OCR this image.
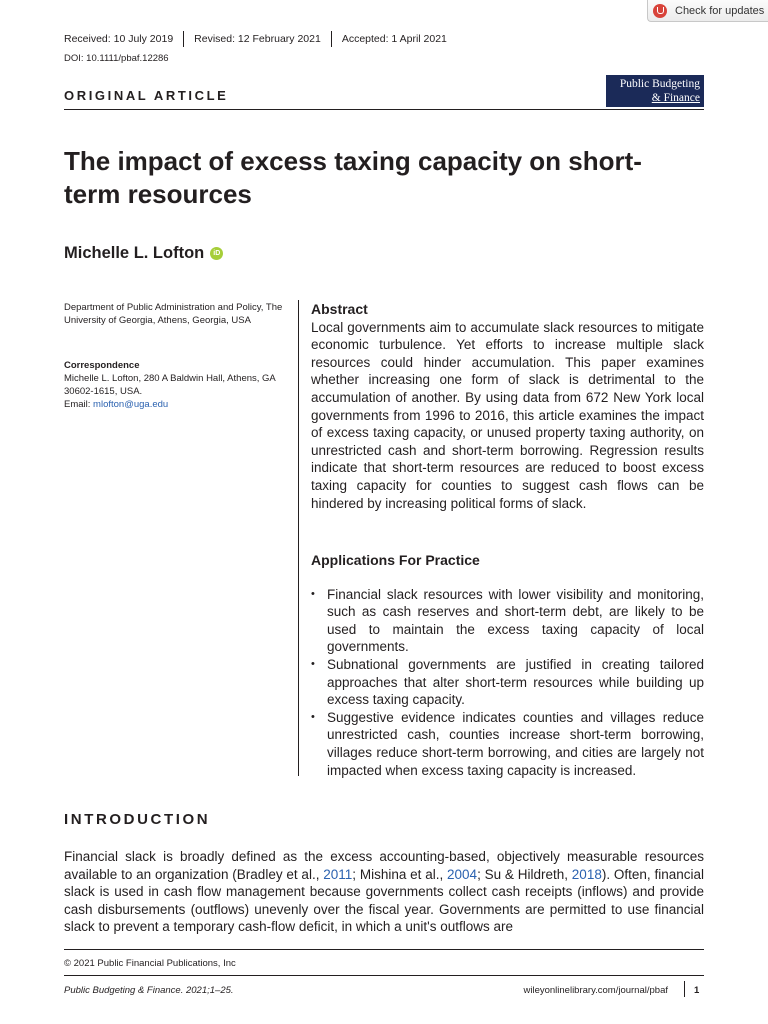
Check for updates
Received: 10 July 2019 Revised: 12 February 2021 Accepted: 1 April 2021
DOI: 10.1111/pbaf.12286
ORIGINAL ARTICLE
Public Budgeting
& Finance
The impact of excess taxing capacity on short-term resources
Michelle L. Lofton	iD
Department of Public Administration and Policy, The University of Georgia, Athens, Georgia, USA
Correspondence
Michelle L. Lofton, 280 A Baldwin Hall, Athens, GA 30602-1615, USA.
Email: mlofton@uga.edu
Abstract
Local governments aim to accumulate slack resources to mitigate economic turbulence. Yet efforts to increase multiple slack resources could hinder accumulation. This paper examines whether increasing one form of slack is detrimental to the accumulation of another. By using data from 672 New York local governments from 1996 to 2016, this article examines the impact of excess taxing capacity, or unused property taxing authority, on unrestricted cash and short-term borrowing. Regression results indicate that short-term resources are reduced to boost excess taxing capacity for counties to suggest cash flows can be hindered by increasing political forms of slack.
Applications For Practice
• Financial slack resources with lower visibility and monitoring, such as cash reserves and short-term debt, are likely to be used to maintain the excess taxing capacity of local governments.
• Subnational governments are justified in creating tailored approaches that alter short-term resources while building up excess taxing capacity.
• Suggestive evidence indicates counties and villages reduce unrestricted cash, counties increase short-term borrowing, villages reduce short-term borrowing, and cities are largely not impacted when excess taxing capacity is increased.
INTRODUCTION

Financial slack is broadly defined as the excess accounting-based, objectively measurable resources available to an organization (Bradley et al., 2011; Mishina et al., 2004; Su & Hildreth, 2018). Often, financial slack is used in cash flow management because governments collect cash receipts (inflows) and provide cash disbursements (outflows) unevenly over the fiscal year. Governments are permitted to use financial slack to prevent a temporary cash-flow deficit, in which a unit's outflows are

© 2021 Public Financial Publications, Inc
Public Budgeting & Finance. 2021;1–25.	wileyonlinelibrary.com/journal/pbaf	1
